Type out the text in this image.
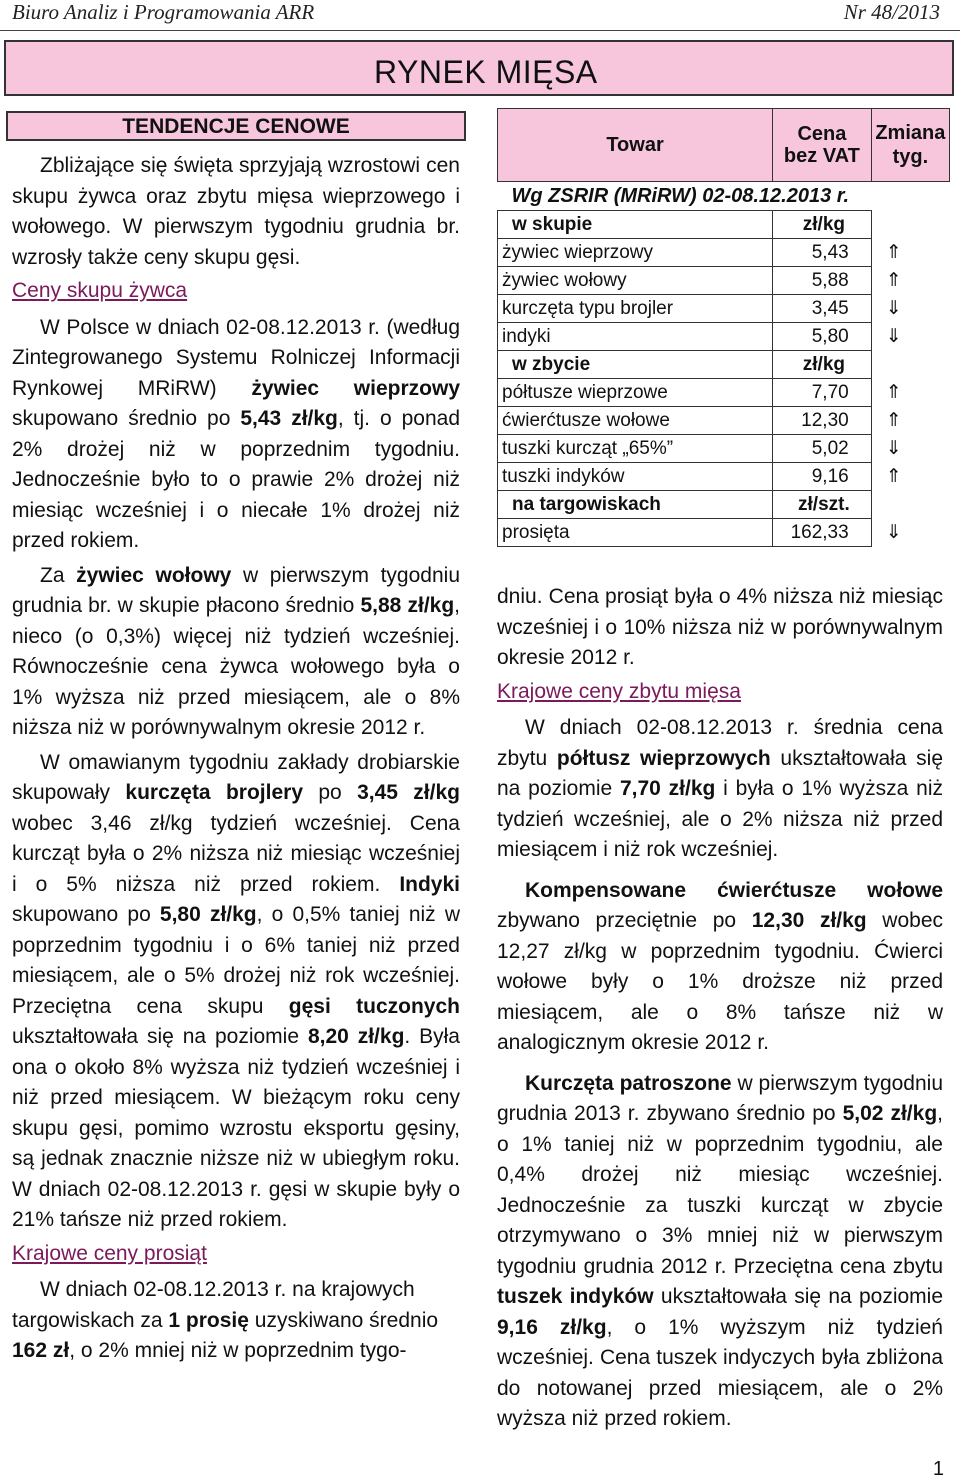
Biuro Analiz i Programowania ARR	Nr 48/2013
RYNEK MIĘSA
TENDENCJE CENOWE
Towar	Cena bez VAT	Zmiana tyg.
Wg ZSRIR (MRiRW) 02-08.12.2013 r.		
w skupie	zł/kg	
żywiec wieprzowy	5,43	⇑
żywiec wołowy	5,88	⇑
kurczęta typu brojler	3,45	⇓
indyki	5,80	⇓
w zbycie	zł/kg	
półtusze wieprzowe	7,70	⇑
ćwierćtusze wołowe	12,30	⇑
tuszki kurcząt „65%”	5,02	⇓
tuszki indyków	9,16	⇑
na targowiskach	zł/szt.	
prosięta	162,33	⇓

Zbliżające się święta sprzyjają wzrostowi cen skupu żywca oraz zbytu mięsa wieprzowego i wołowego. W pierwszym tygodniu grudnia br. wzrosły także ceny skupu gęsi.

Ceny skupu żywca

W Polsce w dniach 02-08.12.2013 r. (według Zintegrowanego Systemu Rolniczej Informacji Rynkowej MRiRW) żywiec wieprzowy skupowano średnio po 5,43 zł/kg, tj. o ponad 2% drożej niż w poprzednim tygodniu. Jednocześnie było to o prawie 2% drożej niż miesiąc wcześniej i o niecałe 1% drożej niż przed rokiem.

Za żywiec wołowy w pierwszym tygodniu grudnia br. w skupie płacono średnio 5,88 zł/kg, nieco (o 0,3%) więcej niż tydzień wcześniej. Równocześnie cena żywca wołowego była o 1% wyższa niż przed miesiącem, ale o 8% niższa niż w porównywalnym okresie 2012 r.

W omawianym tygodniu zakłady drobiarskie skupowały kurczęta brojlery po 3,45 zł/kg wobec 3,46 zł/kg tydzień wcześniej. Cena kurcząt była o 2% niższa niż miesiąc wcześniej i o 5% niższa niż przed rokiem. Indyki skupowano po 5,80 zł/kg, o 0,5% taniej niż w poprzednim tygodniu i o 6% taniej niż przed miesiącem, ale o 5% drożej niż rok wcześniej. Przeciętna cena skupu gęsi tuczonych ukształtowała się na poziomie 8,20 zł/kg. Była ona o około 8% wyższa niż tydzień wcześniej i niż przed miesiącem. W bieżącym roku ceny skupu gęsi, pomimo wzrostu eksportu gęsiny, są jednak znacznie niższe niż w ubiegłym roku. W dniach 02-08.12.2013 r. gęsi w skupie były o 21% tańsze niż przed rokiem.

Krajowe ceny prosiąt

W dniach 02-08.12.2013 r. na krajowych targowiskach za 1 prosię uzyskiwano średnio 162 zł, o 2% mniej niż w poprzednim tygo-

dniu. Cena prosiąt była o 4% niższa niż miesiąc wcześniej i o 10% niższa niż w porównywalnym okresie 2012 r.

Krajowe ceny zbytu mięsa

W dniach 02-08.12.2013 r. średnia cena zbytu półtusz wieprzowych ukształtowała się na poziomie 7,70 zł/kg i była o 1% wyższa niż tydzień wcześniej, ale o 2% niższa niż przed miesiącem i niż rok wcześniej.

Kompensowane ćwierćtusze wołowe zbywano przeciętnie po 12,30 zł/kg wobec 12,27 zł/kg w poprzednim tygodniu. Ćwierci wołowe były o 1% droższe niż przed miesiącem, ale o 8% tańsze niż w analogicznym okresie 2012 r.

Kurczęta patroszone w pierwszym tygodniu grudnia 2013 r. zbywano średnio po 5,02 zł/kg, o 1% taniej niż w poprzednim tygodniu, ale 0,4% drożej niż miesiąc wcześniej. Jednocześnie za tuszki kurcząt w zbycie otrzymywano o 3% mniej niż w pierwszym tygodniu grudnia 2012 r. Przeciętna cena zbytu tuszek indyków ukształtowała się na poziomie 9,16 zł/kg, o 1% wyższym niż tydzień wcześniej. Cena tuszek indyczych była zbliżona do notowanej przed miesiącem, ale o 2% wyższa niż przed rokiem.

1
